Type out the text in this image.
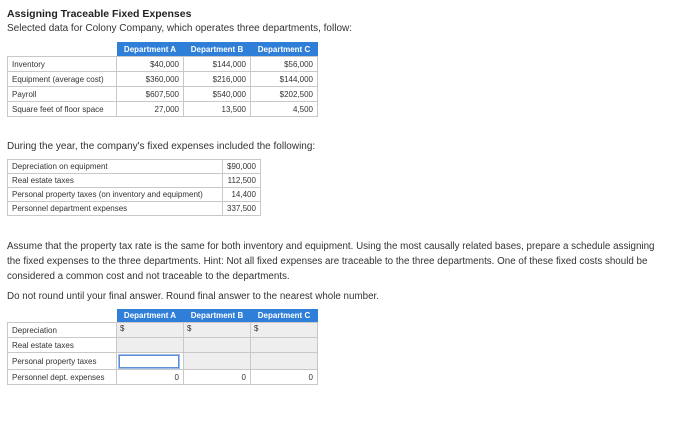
Assigning Traceable Fixed Expenses
Selected data for Colony Company, which operates three departments, follow:
	Department A	Department B	Department C
Inventory	$40,000	$144,000	$56,000
Equipment (average cost)	$360,000	$216,000	$144,000
Payroll	$607,500	$540,000	$202,500
Square feet of floor space	27,000	13,500	4,500
During the year, the company's fixed expenses included the following:
Depreciation on equipment	$90,000
Real estate taxes	112,500
Personal property taxes (on inventory and equipment)	14,400
Personnel department expenses	337,500
Assume that the property tax rate is the same for both inventory and equipment. Using the most causally related bases, prepare a schedule assigning the fixed expenses to the three departments. Hint: Not all fixed expenses are traceable to the three departments. One of these fixed costs should be considered a common cost and not traceable to the departments.
Do not round until your final answer. Round final answer to the nearest whole number.
	Department A	Department B	Department C
Depreciation	$	$	$

Real estate taxes			
Personal property taxes			
Personnel dept. expenses	0	0	0
